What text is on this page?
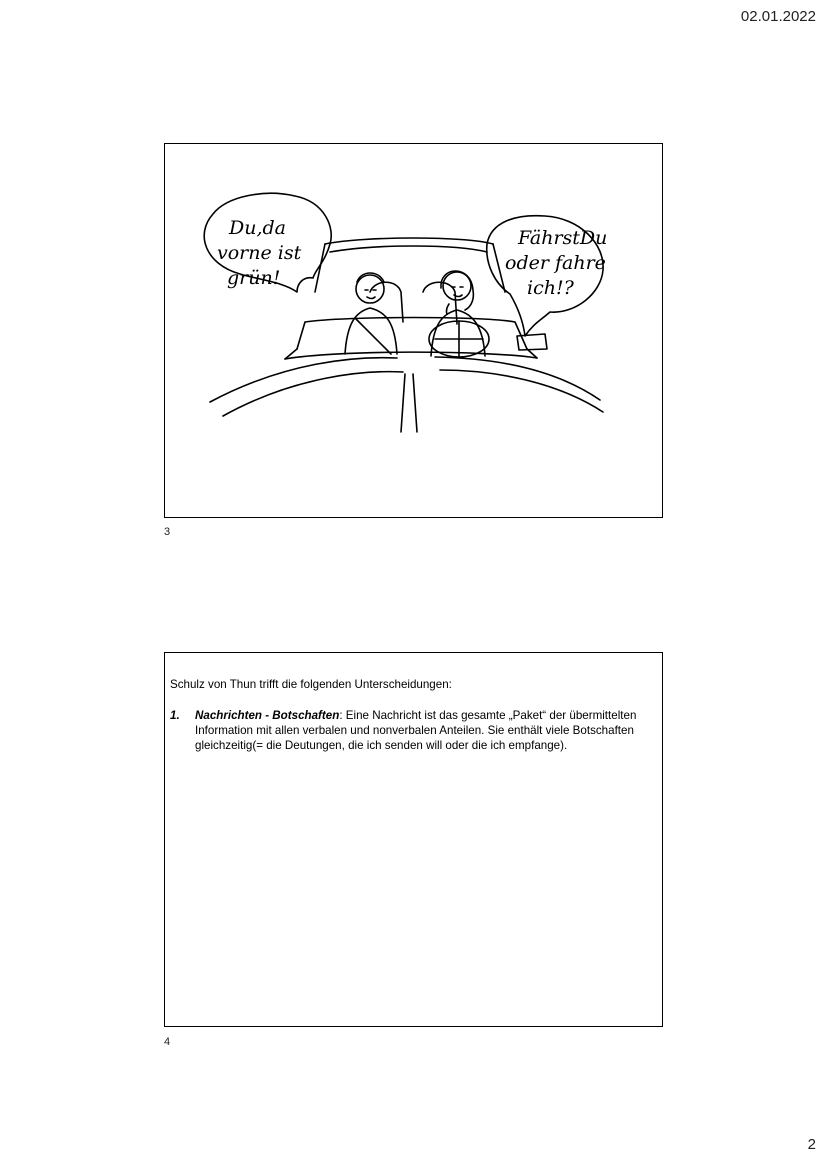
02.01.2022
Du,da
vorne ist
grün!
FährstDu
oder fahre
ich!?
3

Schulz von Thun trifft die folgenden Unterscheidungen:

1.	Nachrichten - Botschaften: Eine Nachricht ist das gesamte „Paket“ der übermittelten Information mit allen verbalen und nonverbalen Anteilen. Sie enthält viele Botschaften gleichzeitig(= die Deutungen, die ich senden will oder die ich empfange).
4
2
